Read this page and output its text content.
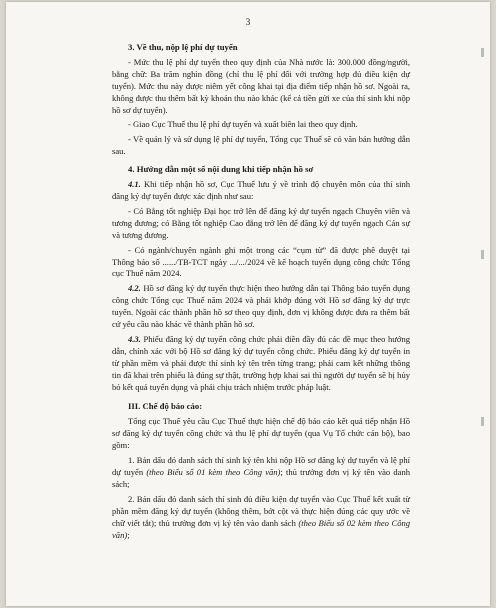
3
3. Về thu, nộp lệ phí dự tuyển

- Mức thu lệ phí dự tuyển theo quy định của Nhà nước là: 300.000 đồng/người, bằng chữ: Ba trăm nghìn đồng (chỉ thu lệ phí đối với trường hợp đủ điều kiện dự tuyển). Mức thu này được niêm yết công khai tại địa điểm tiếp nhận hồ sơ. Ngoài ra, không được thu thêm bất kỳ khoản thu nào khác (kể cả tiền gửi xe của thí sinh khi nộp hồ sơ dự tuyển).

- Giao Cục Thuế thu lệ phí dự tuyển và xuất biên lai theo quy định.

- Về quản lý và sử dụng lệ phí dự tuyển, Tổng cục Thuế sẽ có văn bản hướng dẫn sau.

4. Hướng dẫn một số nội dung khi tiếp nhận hồ sơ

4.1. Khi tiếp nhận hồ sơ, Cục Thuế lưu ý về trình độ chuyên môn của thí sinh đăng ký dự tuyển được xác định như sau:

- Có Bằng tốt nghiệp Đại học trở lên để đăng ký dự tuyển ngạch Chuyên viên và tương đương; có Bằng tốt nghiệp Cao đẳng trở lên để đăng ký dự tuyển ngạch Cán sự và tương đương.

- Có ngành/chuyên ngành ghi một trong các “cụm từ” đã được phê duyệt tại Thông báo số ....../TB-TCT ngày .../.../2024 về kế hoạch tuyển dụng công chức Tổng cục Thuế năm 2024.

4.2. Hồ sơ đăng ký dự tuyển thực hiện theo hướng dẫn tại Thông báo tuyển dụng công chức Tổng cục Thuế năm 2024 và phải khớp đúng với Hồ sơ đăng ký dự trực tuyến. Ngoài các thành phần hồ sơ theo quy định, đơn vị không được đưa ra thêm bất cứ yêu cầu nào khác về thành phần hồ sơ.

4.3. Phiếu đăng ký dự tuyển công chức phải điền đầy đủ các đề mục theo hướng dẫn, chính xác với bộ Hồ sơ đăng ký dự tuyển công chức. Phiếu đăng ký dự tuyển in từ phần mềm và phải được thí sinh ký tên trên từng trang; phải cam kết những thông tin đã khai trên phiếu là đúng sự thật, trường hợp khai sai thì người dự tuyển sẽ bị hủy bỏ kết quả tuyển dụng và phải chịu trách nhiệm trước pháp luật.

III. Chế độ báo cáo:

Tổng cục Thuế yêu cầu Cục Thuế thực hiện chế độ báo cáo kết quả tiếp nhận Hồ sơ đăng ký dự tuyển công chức và thu lệ phí dự tuyển (qua Vụ Tổ chức cán bộ), bao gồm:

1. Bản dấu đỏ danh sách thí sinh ký tên khi nộp Hồ sơ đăng ký dự tuyển và lệ phí dự tuyển (theo Biểu số 01 kèm theo Công văn); thủ trưởng đơn vị ký tên vào danh sách;

2. Bản dấu đỏ danh sách thí sinh đủ điều kiện dự tuyển vào Cục Thuế kết xuất từ phần mềm đăng ký dự tuyển (không thêm, bớt cột và thực hiện đúng các quy ước về chữ viết tắt); thủ trưởng đơn vị ký tên vào danh sách (theo Biểu số 02 kèm theo Công văn);
